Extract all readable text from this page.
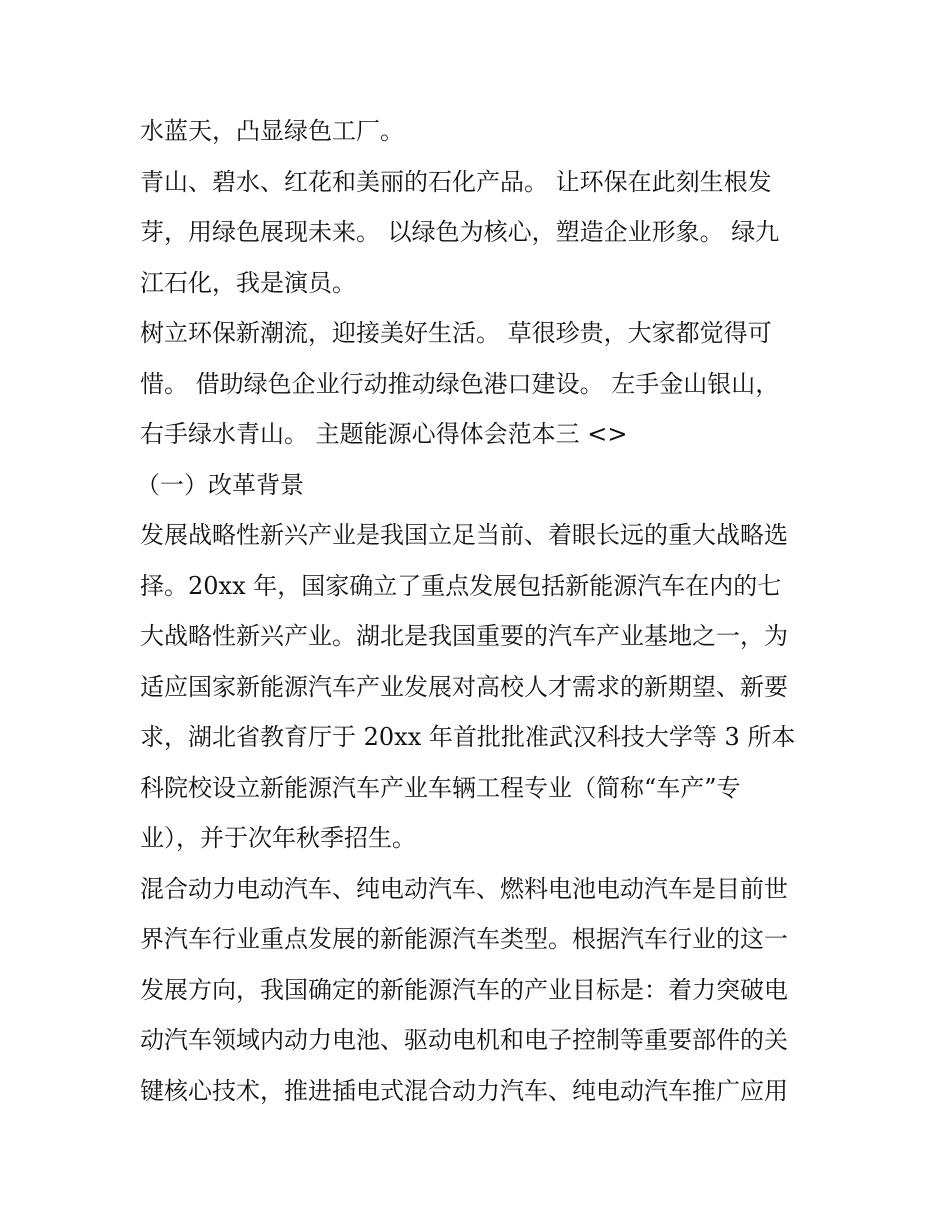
水蓝天，凸显绿色工厂。
青山、碧水、红花和美丽的石化产品。 让环保在此刻生根发
芽，用绿色展现未来。 以绿色为核心，塑造企业形象。 绿九
江石化，我是演员。
树立环保新潮流，迎接美好生活。 草很珍贵，大家都觉得可
惜。 借助绿色企业行动推动绿色港口建设。 左手金山银山，
右手绿水青山。 主题能源心得体会范本三 <>
（一）改革背景
发展战略性新兴产业是我国立足当前、着眼长远的重大战略选
择。20xx 年，国家确立了重点发展包括新能源汽车在内的七
大战略性新兴产业。湖北是我国重要的汽车产业基地之一，为
适应国家新能源汽车产业发展对高校人才需求的新期望、新要
求，湖北省教育厅于 20xx 年首批批准武汉科技大学等 3 所本
科院校设立新能源汽车产业车辆工程专业（简称“车产”专
业），并于次年秋季招生。
混合动力电动汽车、纯电动汽车、燃料电池电动汽车是目前世
界汽车行业重点发展的新能源汽车类型。根据汽车行业的这一
发展方向，我国确定的新能源汽车的产业目标是：着力突破电
动汽车领域内动力电池、驱动电机和电子控制等重要部件的关
键核心技术，推进插电式混合动力汽车、纯电动汽车推广应用
